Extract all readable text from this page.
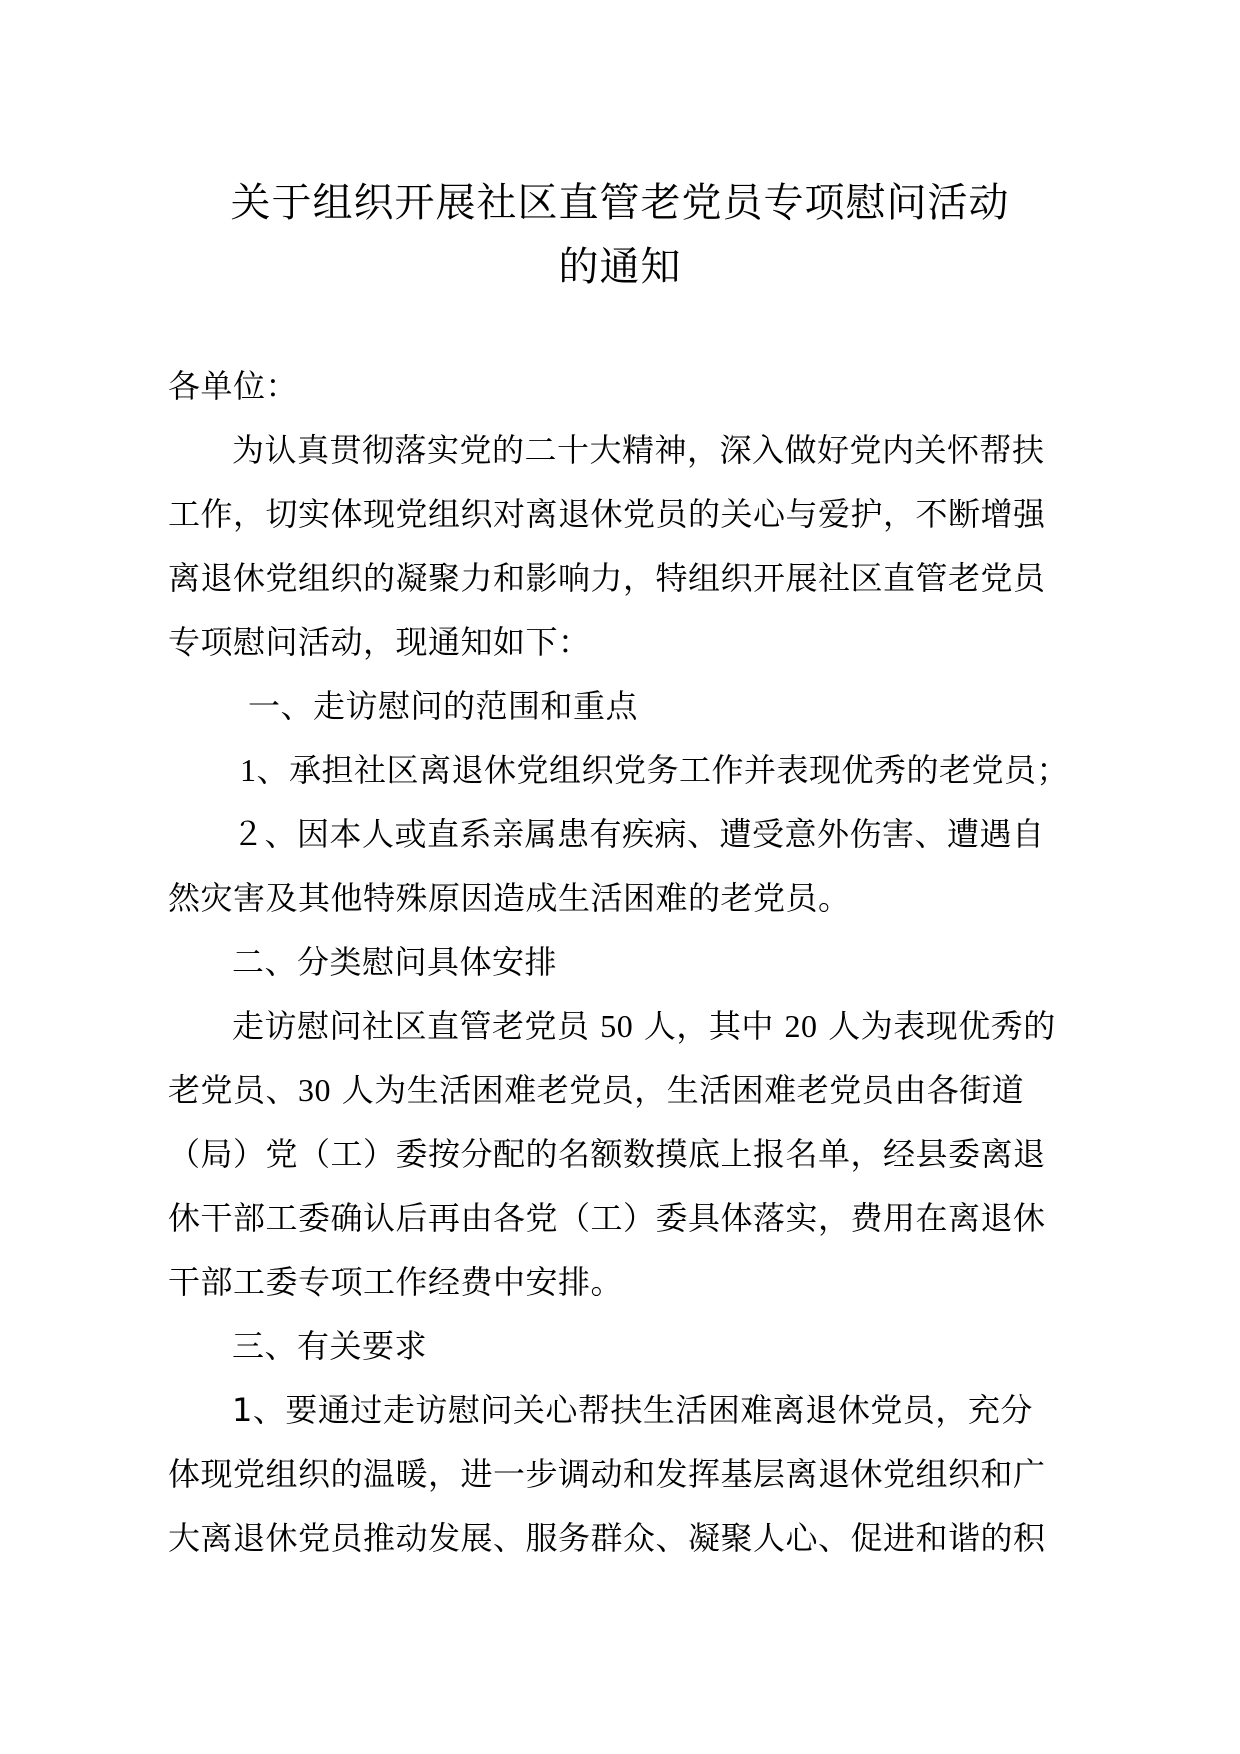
关于组织开展社区直管老党员专项慰问活动
的通知
各单位：
为认真贯彻落实党的二十大精神，深入做好党内关怀帮扶
工作，切实体现党组织对离退休党员的关心与爱护，不断增强
离退休党组织的凝聚力和影响力，特组织开展社区直管老党员
专项慰问活动，现通知如下：
一、走访慰问的范围和重点
1、承担社区离退休党组织党务工作并表现优秀的老党员；
２、因本人或直系亲属患有疾病、遭受意外伤害、遭遇自
然灾害及其他特殊原因造成生活困难的老党员。
二、分类慰问具体安排
走访慰问社区直管老党员 50 人，其中 20 人为表现优秀的
老党员、30 人为生活困难老党员，生活困难老党员由各街道
（局）党（工）委按分配的名额数摸底上报名单，经县委离退
休干部工委确认后再由各党（工）委具体落实，费用在离退休
干部工委专项工作经费中安排。
三、有关要求
1、要通过走访慰问关心帮扶生活困难离退休党员，充分
体现党组织的温暖，进一步调动和发挥基层离退休党组织和广
大离退休党员推动发展、服务群众、凝聚人心、促进和谐的积
